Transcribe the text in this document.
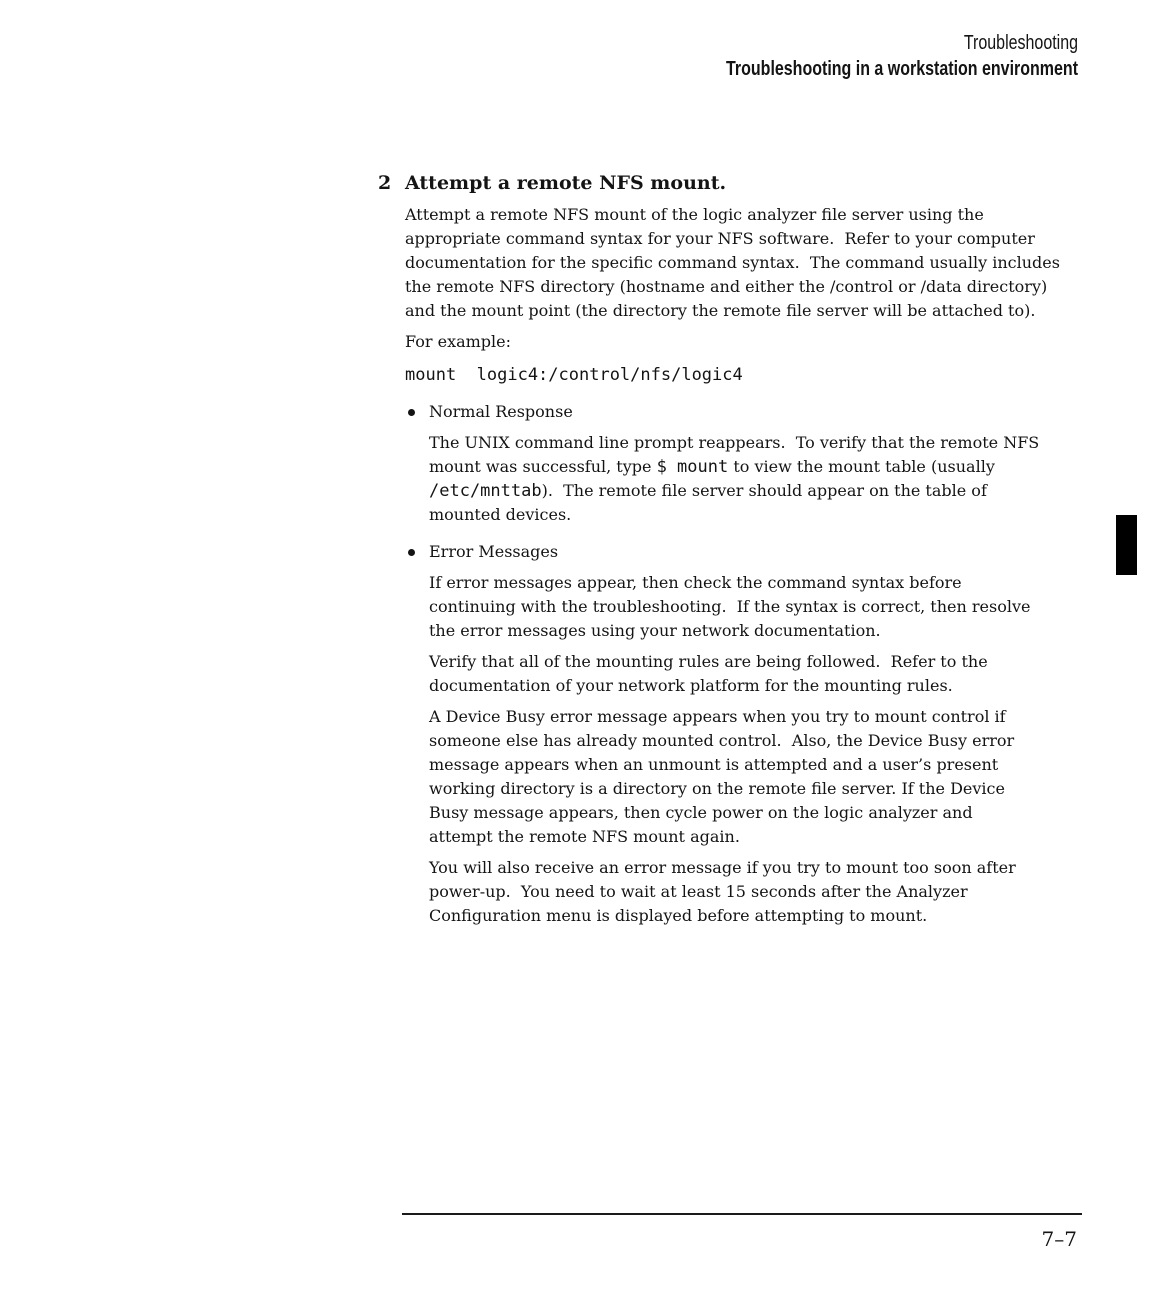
Troubleshooting
Troubleshooting in a workstation environment
2 Attempt a remote NFS mount.

Attempt a remote NFS mount of the logic analyzer file server using the appropriate command syntax for your NFS software.  Refer to your computer documentation for the specific command syntax.  The command usually includes the remote NFS directory (hostname and either the /control or /data directory) and the mount point (the directory the remote file server will be attached to).

For example:

mount  logic4:/control/nfs/logic4

Normal Response

The UNIX command line prompt reappears.  To verify that the remote NFS mount was successful, type $ mount to view the mount table (usually /etc/mnttab).  The remote file server should appear on the table of mounted devices.

Error Messages

If error messages appear, then check the command syntax before continuing with the troubleshooting.  If the syntax is correct, then resolve the error messages using your network documentation.

Verify that all of the mounting rules are being followed.  Refer to the documentation of your network platform for the mounting rules.

A Device Busy error message appears when you try to mount control if someone else has already mounted control.  Also, the Device Busy error message appears when an unmount is attempted and a user’s present working directory is a directory on the remote file server. If the Device Busy message appears, then cycle power on the logic analyzer and attempt the remote NFS mount again.

You will also receive an error message if you try to mount too soon after power-up.  You need to wait at least 15 seconds after the Analyzer Configuration menu is displayed before attempting to mount.

7–7
